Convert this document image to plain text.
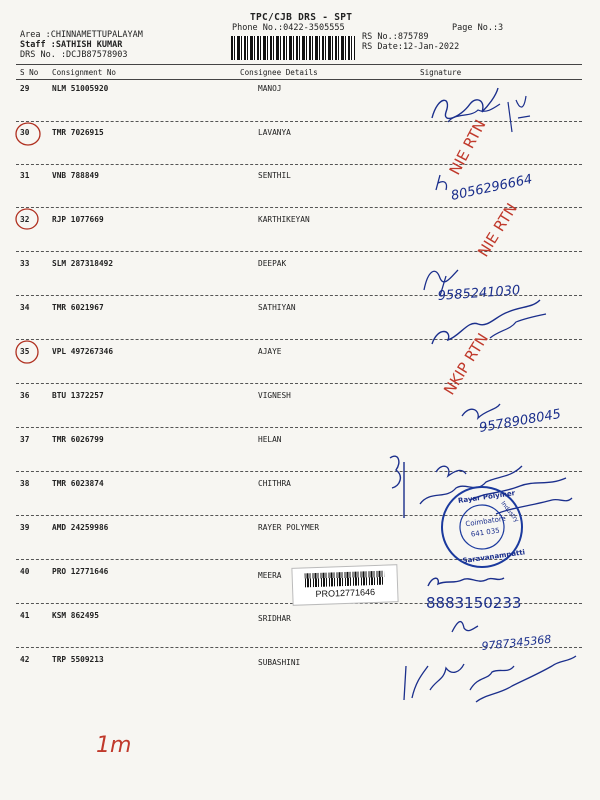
TPC/CJB DRS - SPT
Phone No.:0422-3505555	Page No.:3
Area :CHINNAMETTUPALAYAM
Staff :SATHISH KUMAR
DRS No. :DCJB87578903
RS No.:875789
RS Date:12-Jan-2022
S No Consignment No	Consignee Details	Signature
29	NLM 51005920	MANOJ
30	TMR 7026915	LAVANYA
31	VNB 788849	SENTHIL
32	RJP 1077669	KARTHIKEYAN
33	SLM 287318492	DEEPAK
34	TMR 6021967	SATHIYAN
35	VPL 497267346	AJAYE
36	BTU 1372257	VIGNESH
37	TMR 6026799	HELAN
38	TMR 6023874	CHITHRA
39	AMD 24259986	RAYER POLYMER
40	PRO 12771646	MEERA
41	KSM 862495	SRIDHAR
42	TRP 5509213	SUBASHINI
PRO12771646
NIE RTN
8056296664
NIE RTN
9585241030
NKIP RTN
9578908045
Rayar Polymer
Industry
Coimbatore
641 035
Saravanampatti
8883150233
9787345368
1m
